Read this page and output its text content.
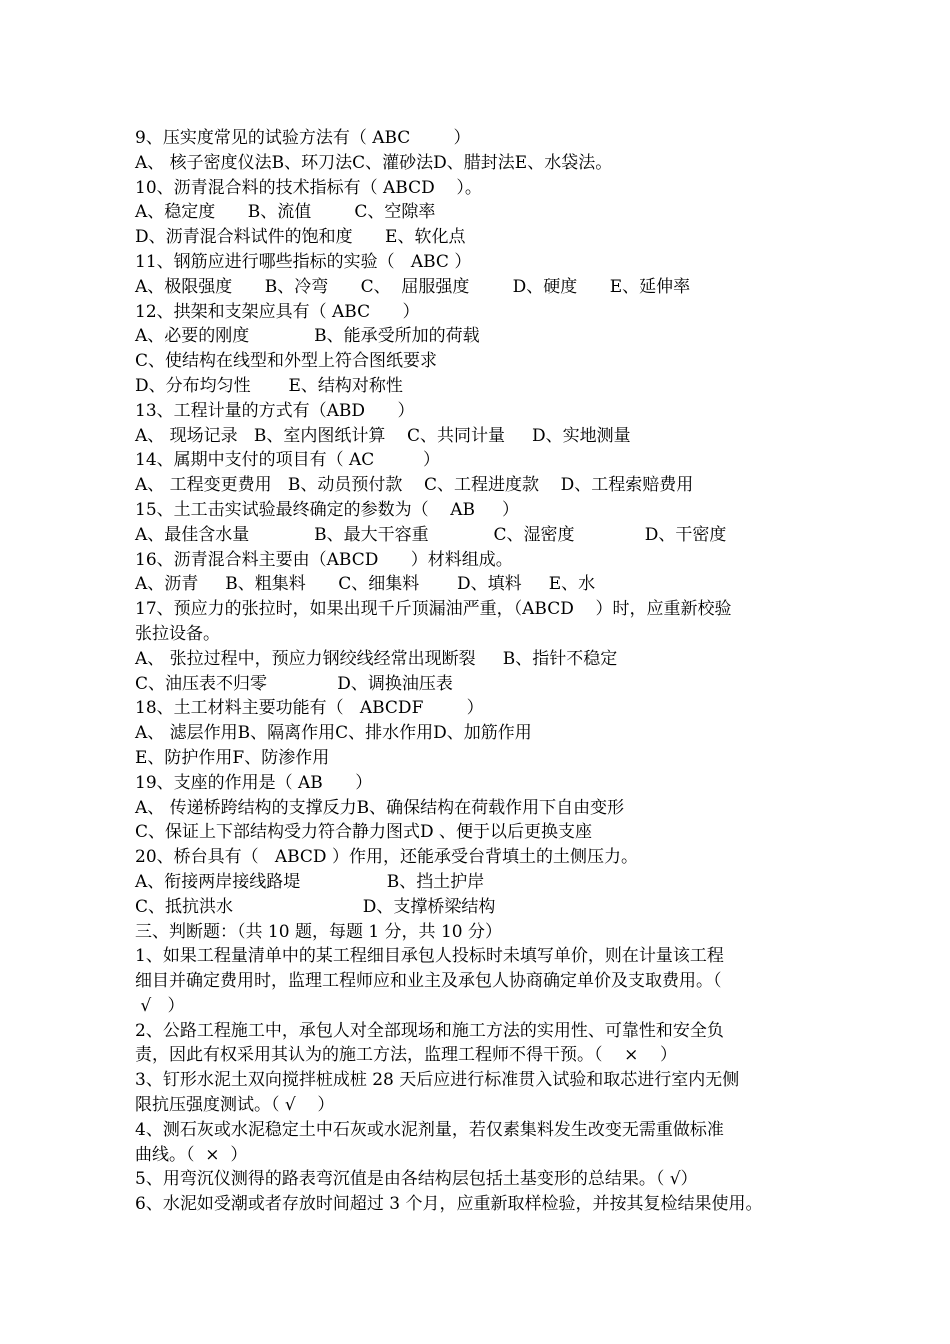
9、压实度常见的试验方法有（ ABC        ）
A、 核子密度仪法B、环刀法C、灌砂法D、腊封法E、水袋法。
10、沥青混合料的技术指标有（ ABCD    ）。
A、稳定度      B、流值        C、空隙率
D、沥青混合料试件的饱和度      E、软化点
11、钢筋应进行哪些指标的实验（   ABC ）
A、极限强度      B、冷弯      C、  屈服强度        D、硬度      E、延伸率
12、拱架和支架应具有（ ABC      ）
A、必要的刚度            B、能承受所加的荷载
C、使结构在线型和外型上符合图纸要求
D、分布均匀性       E、结构对称性
13、工程计量的方式有（ABD      ）
A、 现场记录   B、室内图纸计算    C、共同计量     D、实地测量
14、属期中支付的项目有（ AC         ）
A、 工程变更费用   B、动员预付款    C、工程进度款    D、工程索赔费用
15、土工击实试验最终确定的参数为（    AB     ）
A、最佳含水量            B、最大干容重            C、湿密度             D、干密度
16、沥青混合料主要由（ABCD      ）材料组成。
A、沥青     B、粗集料      C、细集料       D、填料     E、水
17、预应力的张拉时，如果出现千斤顶漏油严重，（ABCD    ）时，应重新校验
张拉设备。
A、 张拉过程中，预应力钢绞线经常出现断裂     B、指针不稳定
C、油压表不归零             D、调换油压表
18、土工材料主要功能有（   ABCDF        ）
A、 滤层作用B、隔离作用C、排水作用D、加筋作用
E、防护作用F、防渗作用
19、支座的作用是（ AB      ）
A、 传递桥跨结构的支撑反力B、确保结构在荷载作用下自由变形
C、保证上下部结构受力符合静力图式D 、便于以后更换支座
20、桥台具有（   ABCD ）作用，还能承受台背填土的土侧压力。
A、衔接两岸接线路堤                B、挡土护岸
C、抵抗洪水                        D、支撑桥梁结构
三、判断题：（共 10 题，每题 1 分，共 10 分）
1、如果工程量清单中的某工程细目承包人投标时未填写单价，则在计量该工程
细目并确定费用时，监理工程师应和业主及承包人协商确定单价及支取费用。（
√   ）
2、公路工程施工中，承包人对全部现场和施工方法的实用性、可靠性和安全负
责，因此有权采用其认为的施工方法，监理工程师不得干预。（    ×    ）
3、钉形水泥土双向搅拌桩成桩 28 天后应进行标准贯入试验和取芯进行室内无侧
限抗压强度测试。（ √    ）
4、测石灰或水泥稳定土中石灰或水泥剂量，若仅素集料发生改变无需重做标准
曲线。（  ×  ）
5、用弯沉仪测得的路表弯沉值是由各结构层包括土基变形的总结果。（ √）
6、水泥如受潮或者存放时间超过 3 个月，应重新取样检验，并按其复检结果使用。
